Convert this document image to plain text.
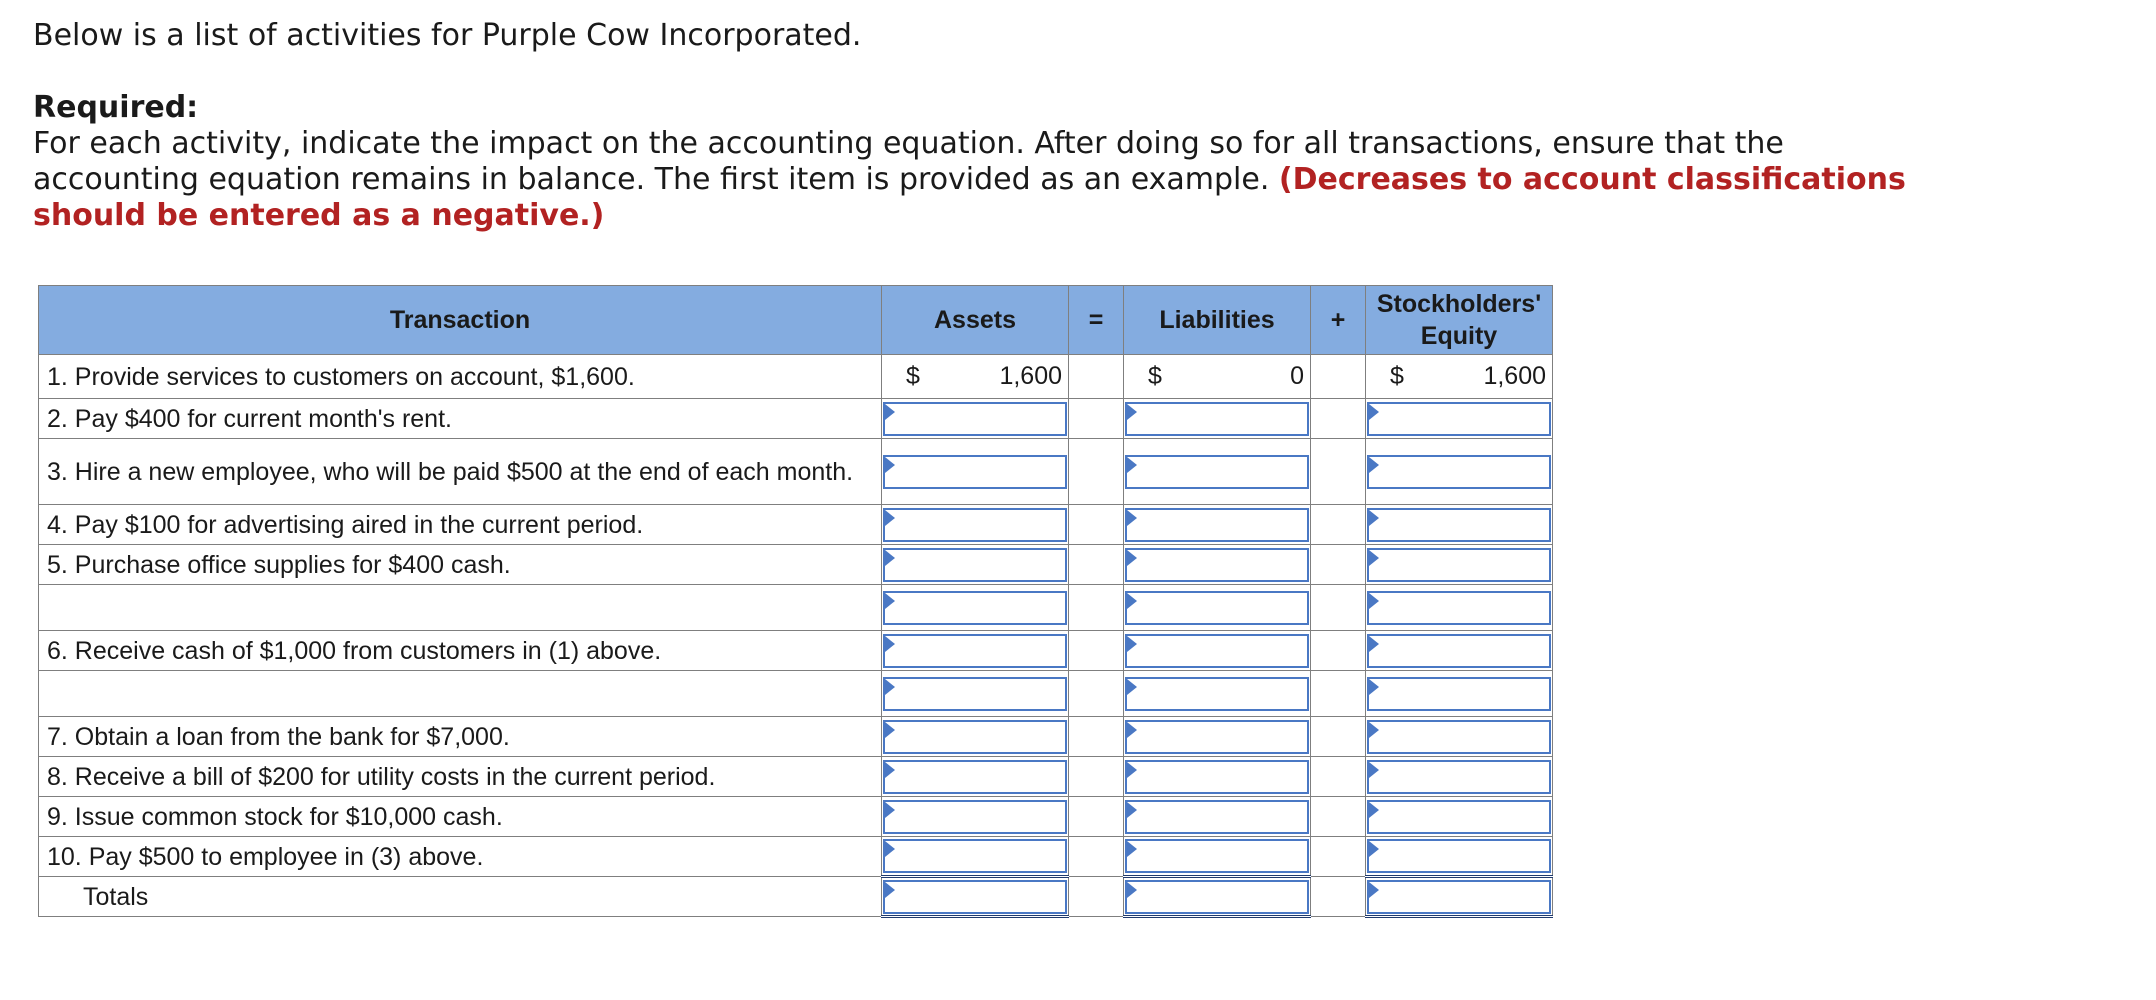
Below is a list of activities for Purple Cow Incorporated.

Required:

For each activity, indicate the impact on the accounting equation. After doing so for all transactions, ensure that the accounting equation remains in balance. The first item is provided as an example. (Decreases to account classifications should be entered as a negative.)

Transaction	Assets	=	Liabilities	+	Stockholders' Equity
1. Provide services to customers on account, $1,600.	$ 1,600		$ 0		$ 1,600

2. Pay $400 for current month's rent.	

3. Hire a new employee, who will be paid $500 at the end of each month.	

4. Pay $100 for advertising aired in the current period.	

5. Purchase office supplies for $400 cash.	

6. Receive cash of $1,000 from customers in (1) above.	

7. Obtain a loan from the bank for $7,000.	

8. Receive a bill of $200 for utility costs in the current period.	

9. Issue common stock for $10,000 cash.	

10. Pay $500 to employee in (3) above.	

Totals	
